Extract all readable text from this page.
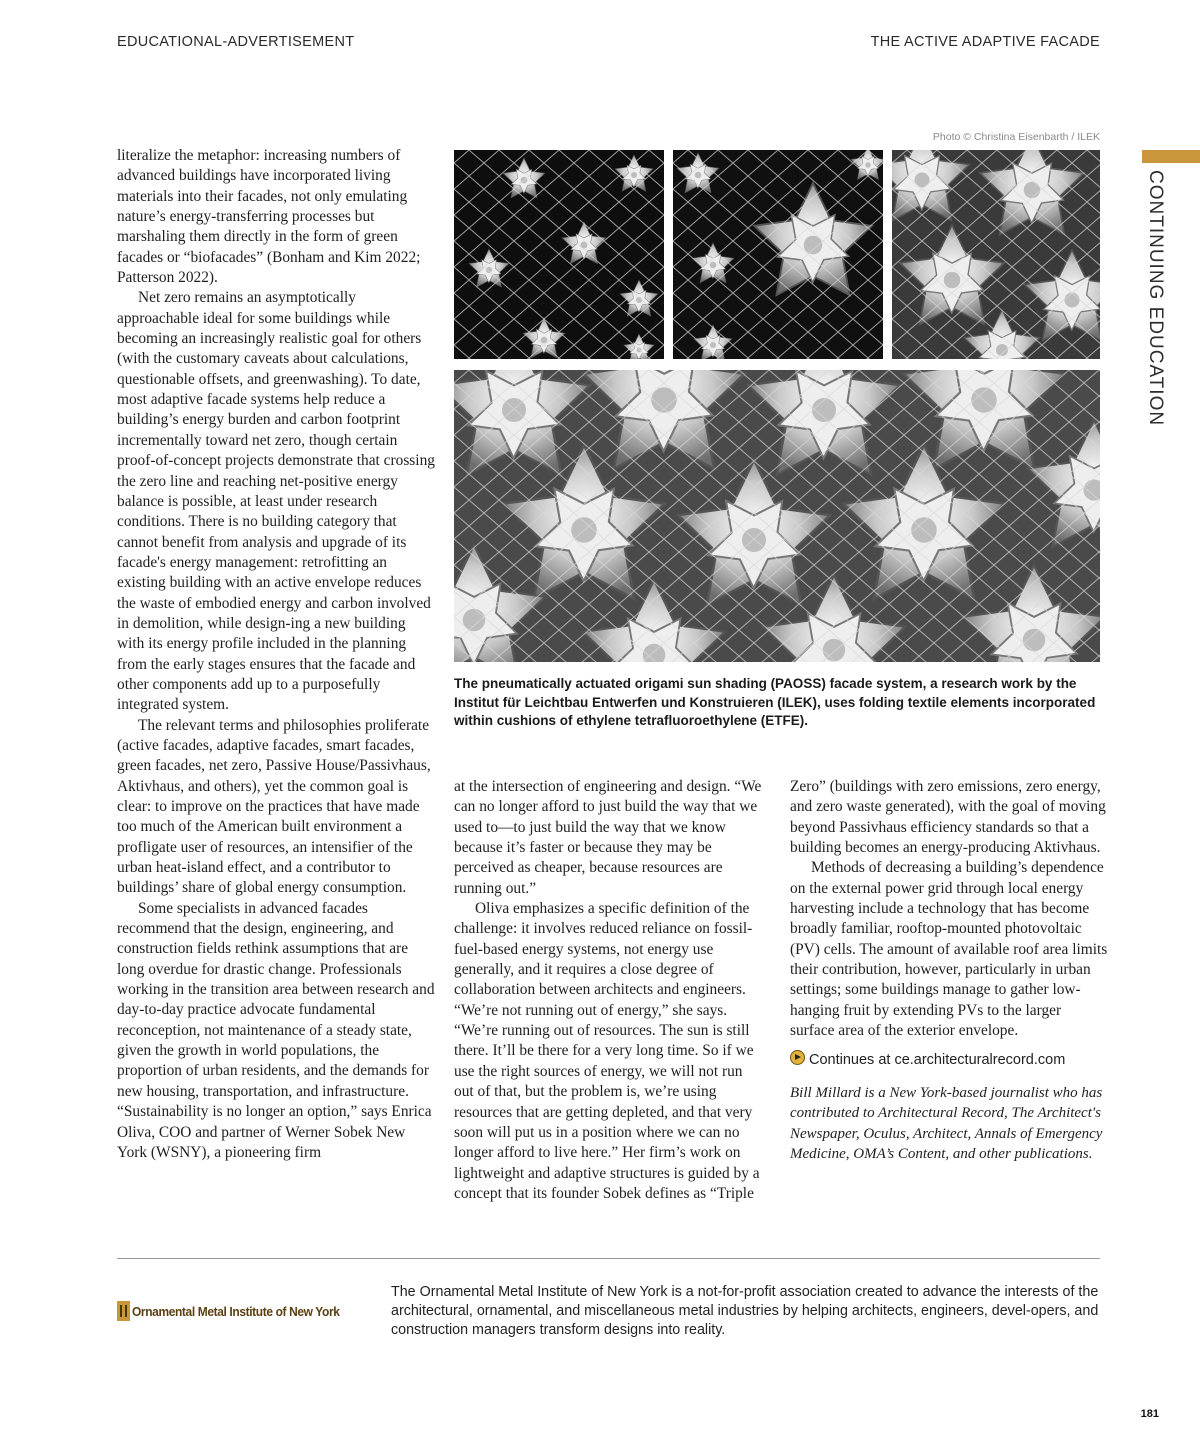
EDUCATIONAL-ADVERTISEMENT	THE ACTIVE ADAPTIVE FACADE
Photo © Christina Eisenbarth / ILEK
CONTINUING EDUCATION

literalize the metaphor: increasing numbers of advanced buildings have incorporated living materials into their facades, not only emulating nature’s energy-transferring processes but marshaling them directly in the form of green facades or “biofacades” (Bonham and Kim 2022; Patterson 2022).

Net zero remains an asymptotically approachable ideal for some buildings while becoming an increasingly realistic goal for others (with the customary caveats about calculations, questionable offsets, and greenwashing). To date, most adaptive facade systems help reduce a building’s energy burden and carbon footprint incrementally toward net zero, though certain proof-of-concept projects demonstrate that crossing the zero line and reaching net-positive energy balance is possible, at least under research conditions. There is no building category that cannot benefit from analysis and upgrade of its facade's energy management: retrofitting an existing building with an active envelope reduces the waste of embodied energy and carbon involved in demolition, while design-ing a new building with its energy profile included in the planning from the early stages ensures that the facade and other components add up to a purposefully integrated system.

The relevant terms and philosophies proliferate (active facades, adaptive facades, smart facades, green facades, net zero, Passive House/Passivhaus, Aktivhaus, and others), yet the common goal is clear: to improve on the practices that have made too much of the American built environment a profligate user of resources, an intensifier of the urban heat-island effect, and a contributor to buildings’ share of global energy consumption.

Some specialists in advanced facades recommend that the design, engineering, and construction fields rethink assumptions that are long overdue for drastic change. Professionals working in the transition area between research and day-to-day practice advocate fundamental reconception, not maintenance of a steady state, given the growth in world populations, the proportion of urban residents, and the demands for new housing, transportation, and infrastructure. “Sustainability is no longer an option,” says Enrica Oliva, COO and partner of Werner Sobek New York (WSNY), a pioneering firm

The pneumatically actuated origami sun shading (PAOSS) facade system, a research work by the Institut für Leichtbau Entwerfen und Konstruieren (ILEK), uses folding textile elements incorporated within cushions of ethylene tetrafluoroethylene (ETFE).

at the intersection of engineering and design. “We can no longer afford to just build the way that we used to—to just build the way that we know because it’s faster or because they may be perceived as cheaper, because resources are running out.”

Oliva emphasizes a specific definition of the challenge: it involves reduced reliance on fossil-fuel-based energy systems, not energy use generally, and it requires a close degree of collaboration between architects and engineers. “We’re not running out of energy,” she says. “We’re running out of resources. The sun is still there. It’ll be there for a very long time. So if we use the right sources of energy, we will not run out of that, but the problem is, we’re using resources that are getting depleted, and that very soon will put us in a position where we can no longer afford to live here.” Her firm’s work on lightweight and adaptive structures is guided by a concept that its founder Sobek defines as “Triple

Zero” (buildings with zero emissions, zero energy, and zero waste generated), with the goal of moving beyond Passivhaus efficiency standards so that a building becomes an energy-producing Aktivhaus.

Methods of decreasing a building’s dependence on the external power grid through local energy harvesting include a technology that has become broadly familiar, rooftop-mounted photovoltaic (PV) cells. The amount of available roof area limits their contribution, however, particularly in urban settings; some buildings manage to gather low-hanging fruit by extending PVs to the larger surface area of the exterior envelope.

Continues at ce.architecturalrecord.com
Bill Millard is a New York-based journalist who has contributed to Architectural Record, The Architect's Newspaper, Oculus, Architect, Annals of Emergency Medicine, OMA’s Content, and other publications.
Ornamental Metal Institute of New York
The Ornamental Metal Institute of New York is a not-for-profit association created to advance the interests of the architectural, ornamental, and miscellaneous metal industries by helping architects, engineers, devel-opers, and construction managers transform designs into reality.
181
